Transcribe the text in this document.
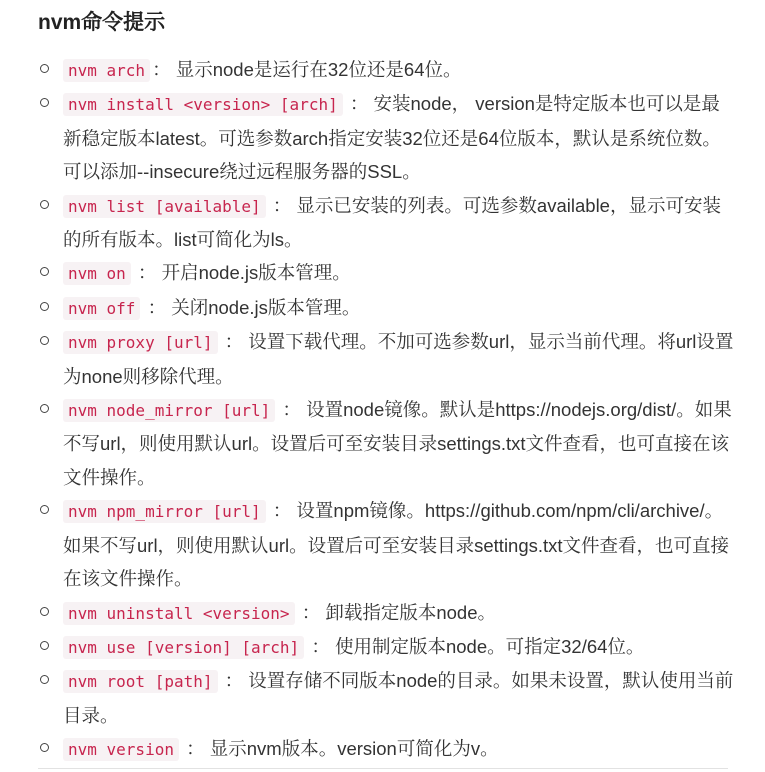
nvm命令提示
nvm arch ： 显示node是运行在32位还是64位。
nvm install <version> [arch] ： 安装node， version是特定版本也可以是最新稳定版本latest。可选参数arch指定安装32位还是64位版本，默认是系统位数。可以添加--insecure绕过远程服务器的SSL。
nvm list [available] ： 显示已安装的列表。可选参数available，显示可安装的所有版本。list可简化为ls。
nvm on ： 开启node.js版本管理。
nvm off ： 关闭node.js版本管理。
nvm proxy [url] ： 设置下载代理。不加可选参数url，显示当前代理。将url设置为none则移除代理。
nvm node_mirror [url] ： 设置node镜像。默认是https://nodejs.org/dist/。如果不写url，则使用默认url。设置后可至安装目录settings.txt文件查看，也可直接在该文件操作。
nvm npm_mirror [url] ： 设置npm镜像。https://github.com/npm/cli/archive/。如果不写url，则使用默认url。设置后可至安装目录settings.txt文件查看，也可直接在该文件操作。
nvm uninstall <version> ： 卸载指定版本node。
nvm use [version] [arch] ： 使用制定版本node。可指定32/64位。
nvm root [path] ： 设置存储不同版本node的目录。如果未设置，默认使用当前目录。
nvm version ： 显示nvm版本。version可简化为v。
